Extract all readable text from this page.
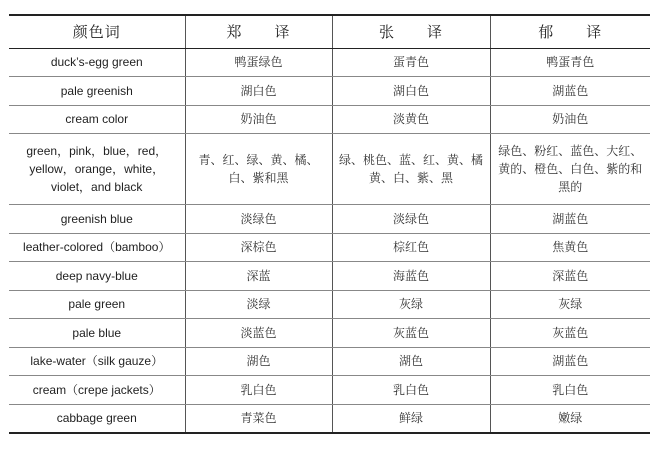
颜色词	郑　　译	张　　译	郁　　译
duck’s-egg green	鸭蛋绿色	蛋青色	鸭蛋青色
pale greenish	湖白色	湖白色	湖蓝色
cream color	奶油色	淡黄色	奶油色
green，pink，blue，red，yellow，orange，white，violet，and black	青、红、绿、黄、橘、白、紫和黑	绿、桃色、蓝、红、黄、橘黄、白、紫、黑	绿色、粉红、蓝色、大红、黄的、橙色、白色、紫的和黑的
greenish blue	淡绿色	淡绿色	湖蓝色
leather-colored（bamboo）	深棕色	棕红色	焦黄色
deep navy-blue	深蓝	海蓝色	深蓝色
pale green	淡绿	灰绿	灰绿
pale blue	淡蓝色	灰蓝色	灰蓝色
lake-water（silk gauze）	湖色	湖色	湖蓝色
cream（crepe jackets）	乳白色	乳白色	乳白色
cabbage green	青菜色	鲜绿	嫩绿
